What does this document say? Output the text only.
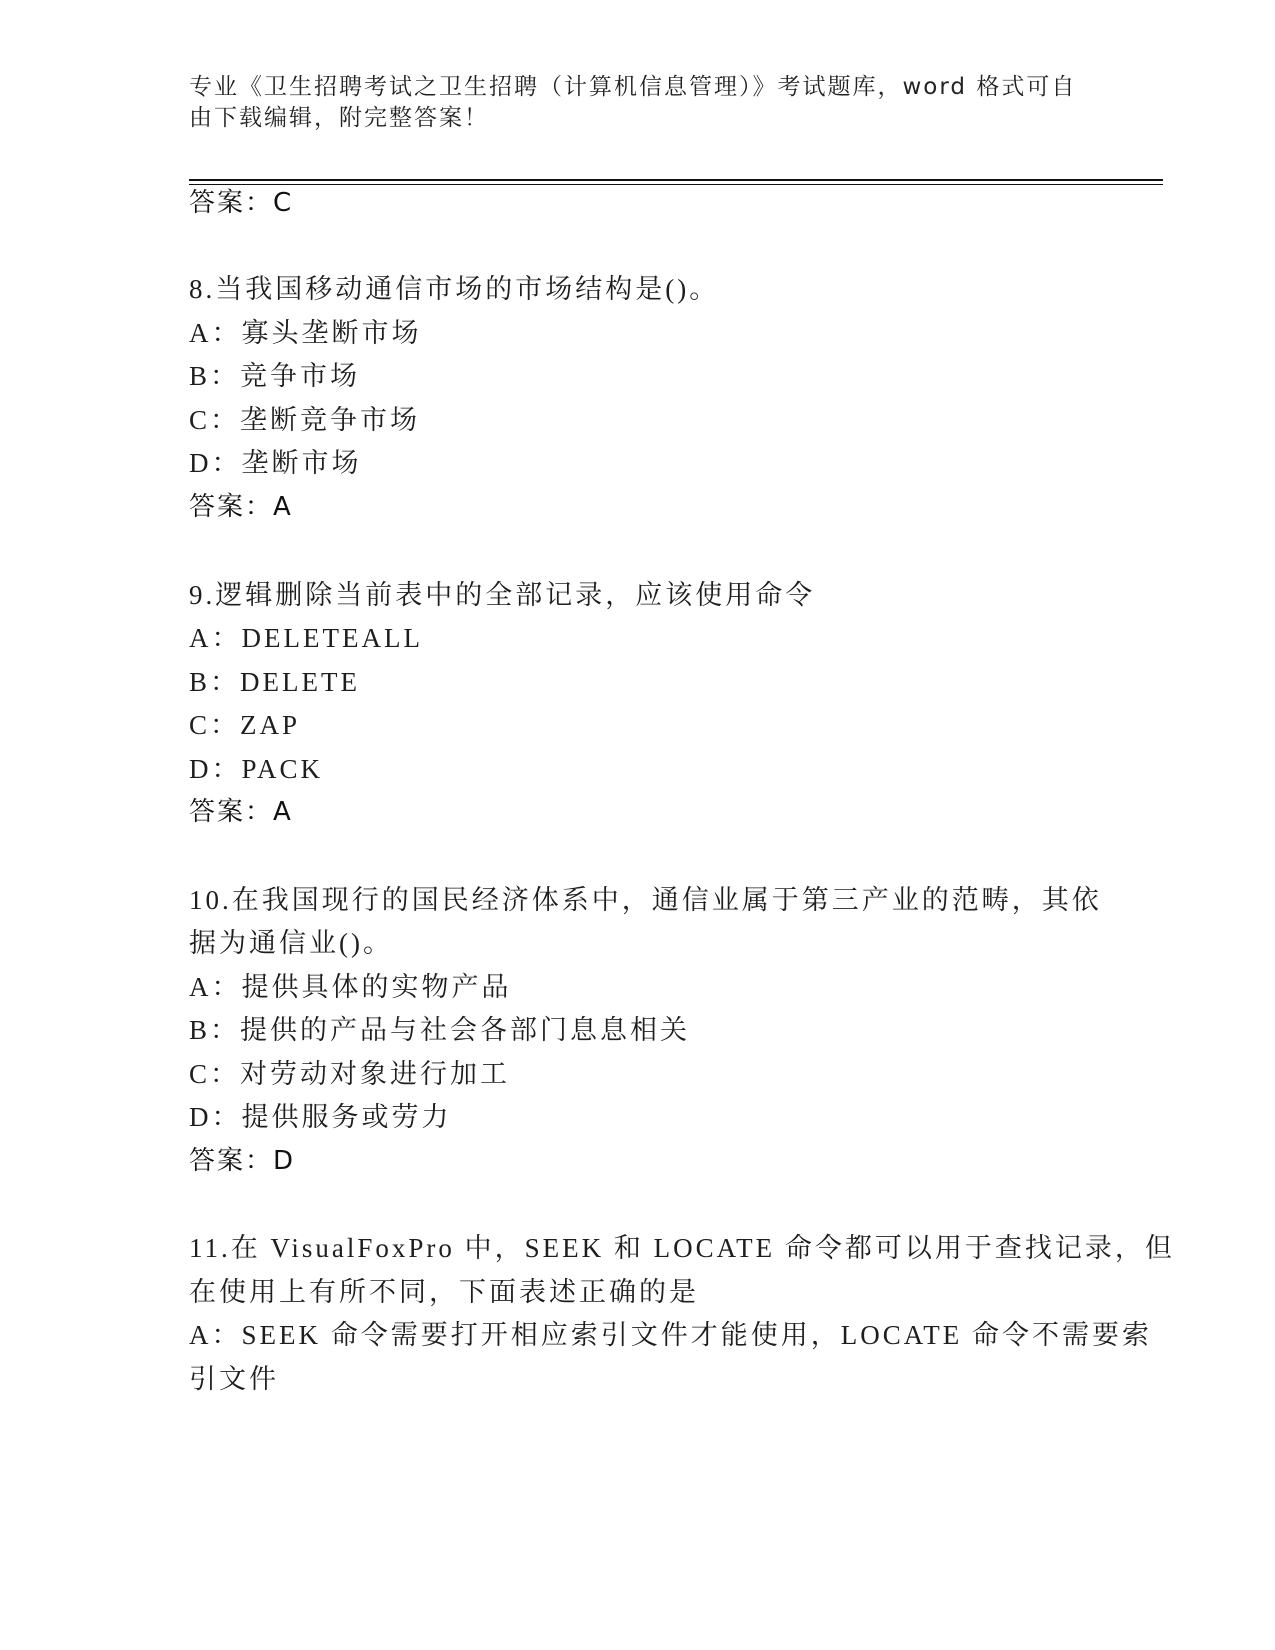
专业《卫生招聘考试之卫生招聘（计算机信息管理）》考试题库，word 格式可自
由下载编辑，附完整答案！
答案：C
8.当我国移动通信市场的市场结构是()。
A：寡头垄断市场
B：竞争市场
C：垄断竞争市场
D：垄断市场
答案：A
9.逻辑删除当前表中的全部记录，应该使用命令
A：DELETEALL
B：DELETE
C：ZAP
D：PACK
答案：A
10.在我国现行的国民经济体系中，通信业属于第三产业的范畴，其依
据为通信业()。
A：提供具体的实物产品
B：提供的产品与社会各部门息息相关
C：对劳动对象进行加工
D：提供服务或劳力
答案：D
11.在 VisualFoxPro 中，SEEK 和 LOCATE 命令都可以用于查找记录，但
在使用上有所不同，下面表述正确的是
A：SEEK 命令需要打开相应索引文件才能使用，LOCATE 命令不需要索
引文件
